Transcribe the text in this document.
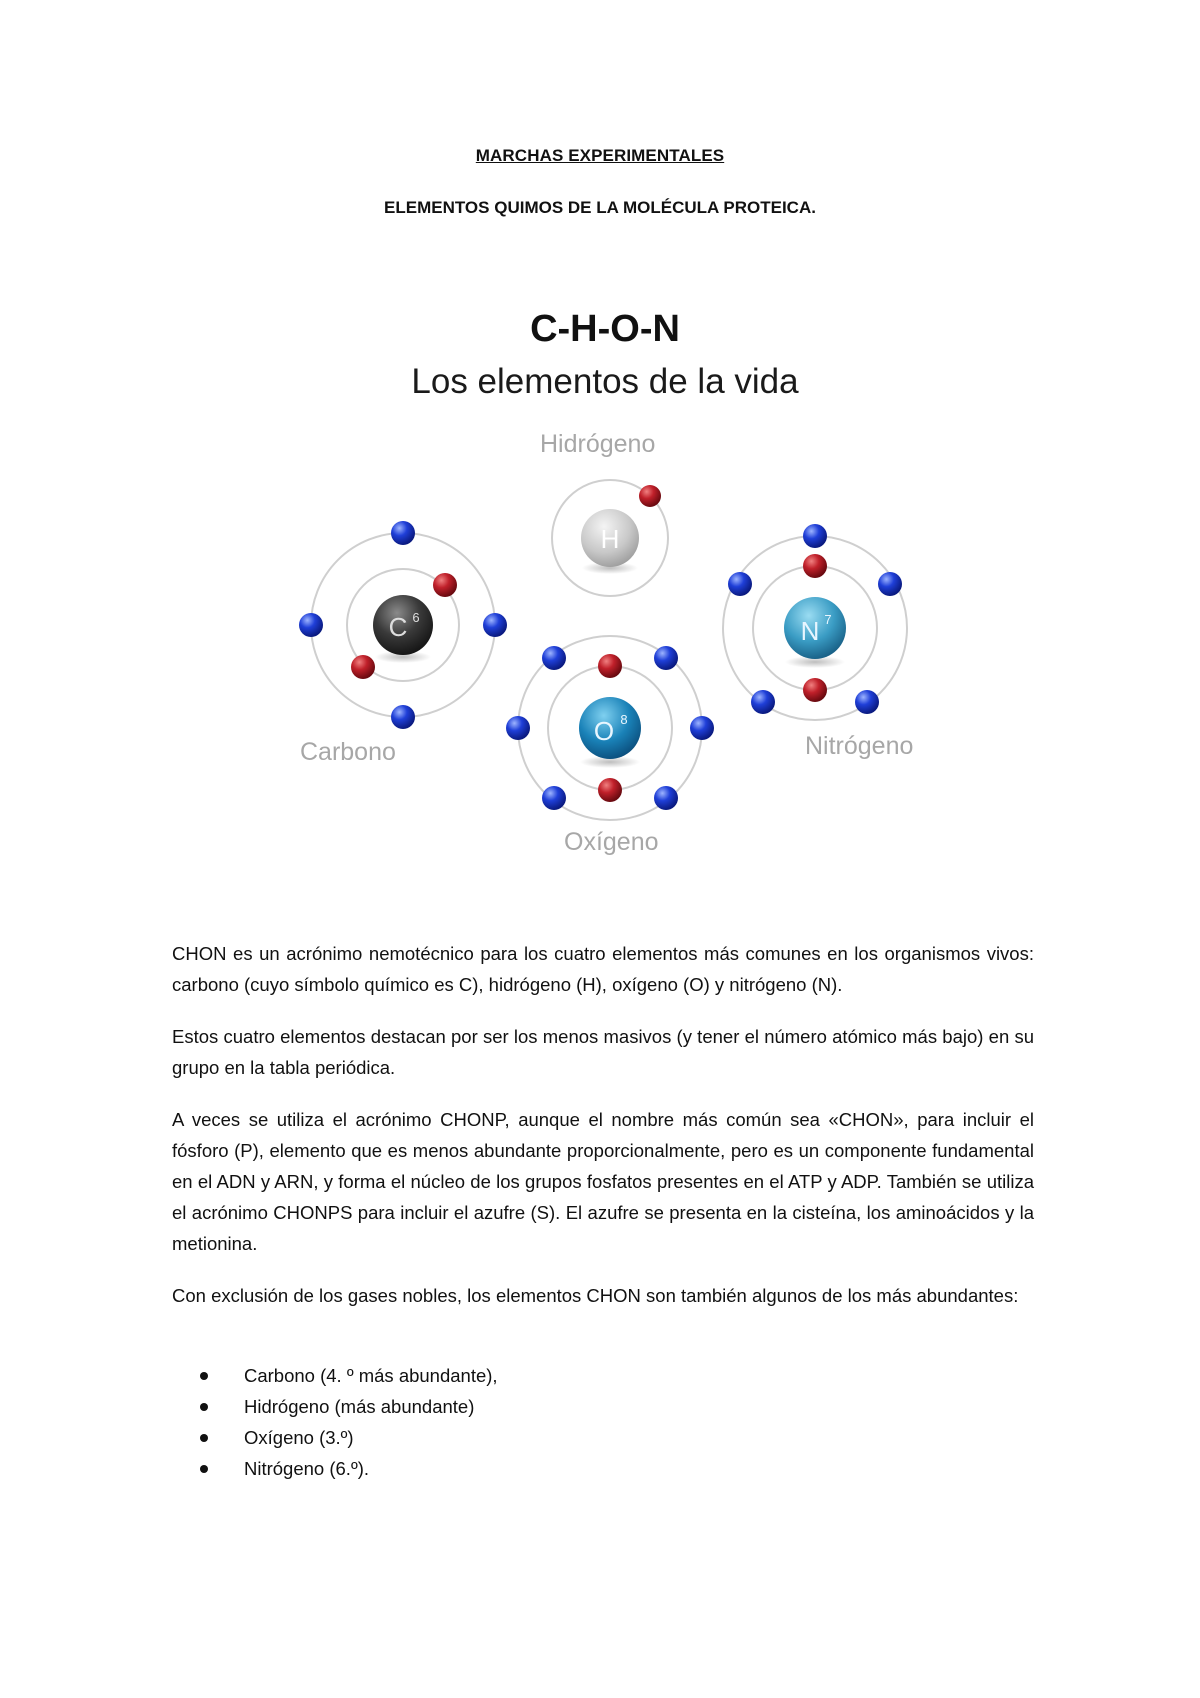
MARCHAS EXPERIMENTALES
ELEMENTOS QUIMOS DE LA MOLÉCULA PROTEICA.
C-H-O-N
Los elementos de la vida
H
C 6
O 8
N 7
Hidrógeno
Carbono
Oxígeno
Nitrógeno

CHON es un acrónimo nemotécnico para los cuatro elementos más comunes en los organismos vivos: carbono (cuyo símbolo químico es C), hidrógeno (H), oxígeno (O) y nitrógeno (N).

Estos cuatro elementos destacan por ser los menos masivos (y tener el número atómico más bajo) en su grupo en la tabla periódica.

A veces se utiliza el acrónimo CHONP, aunque el nombre más común sea «CHON», para incluir el fósforo (P), elemento que es menos abundante proporcionalmente, pero es un componente fundamental en el ADN y ARN, y forma el núcleo de los grupos fosfatos presentes en el ATP y ADP. También se utiliza el acrónimo CHONPS para incluir el azufre (S). El azufre se presenta en la cisteína, los aminoácidos y la metionina.

Con exclusión de los gases nobles, los elementos CHON son también algunos de los más abundantes:

Carbono (4. º más abundante),
Hidrógeno (más abundante)
Oxígeno (3.º)
Nitrógeno (6.º).
